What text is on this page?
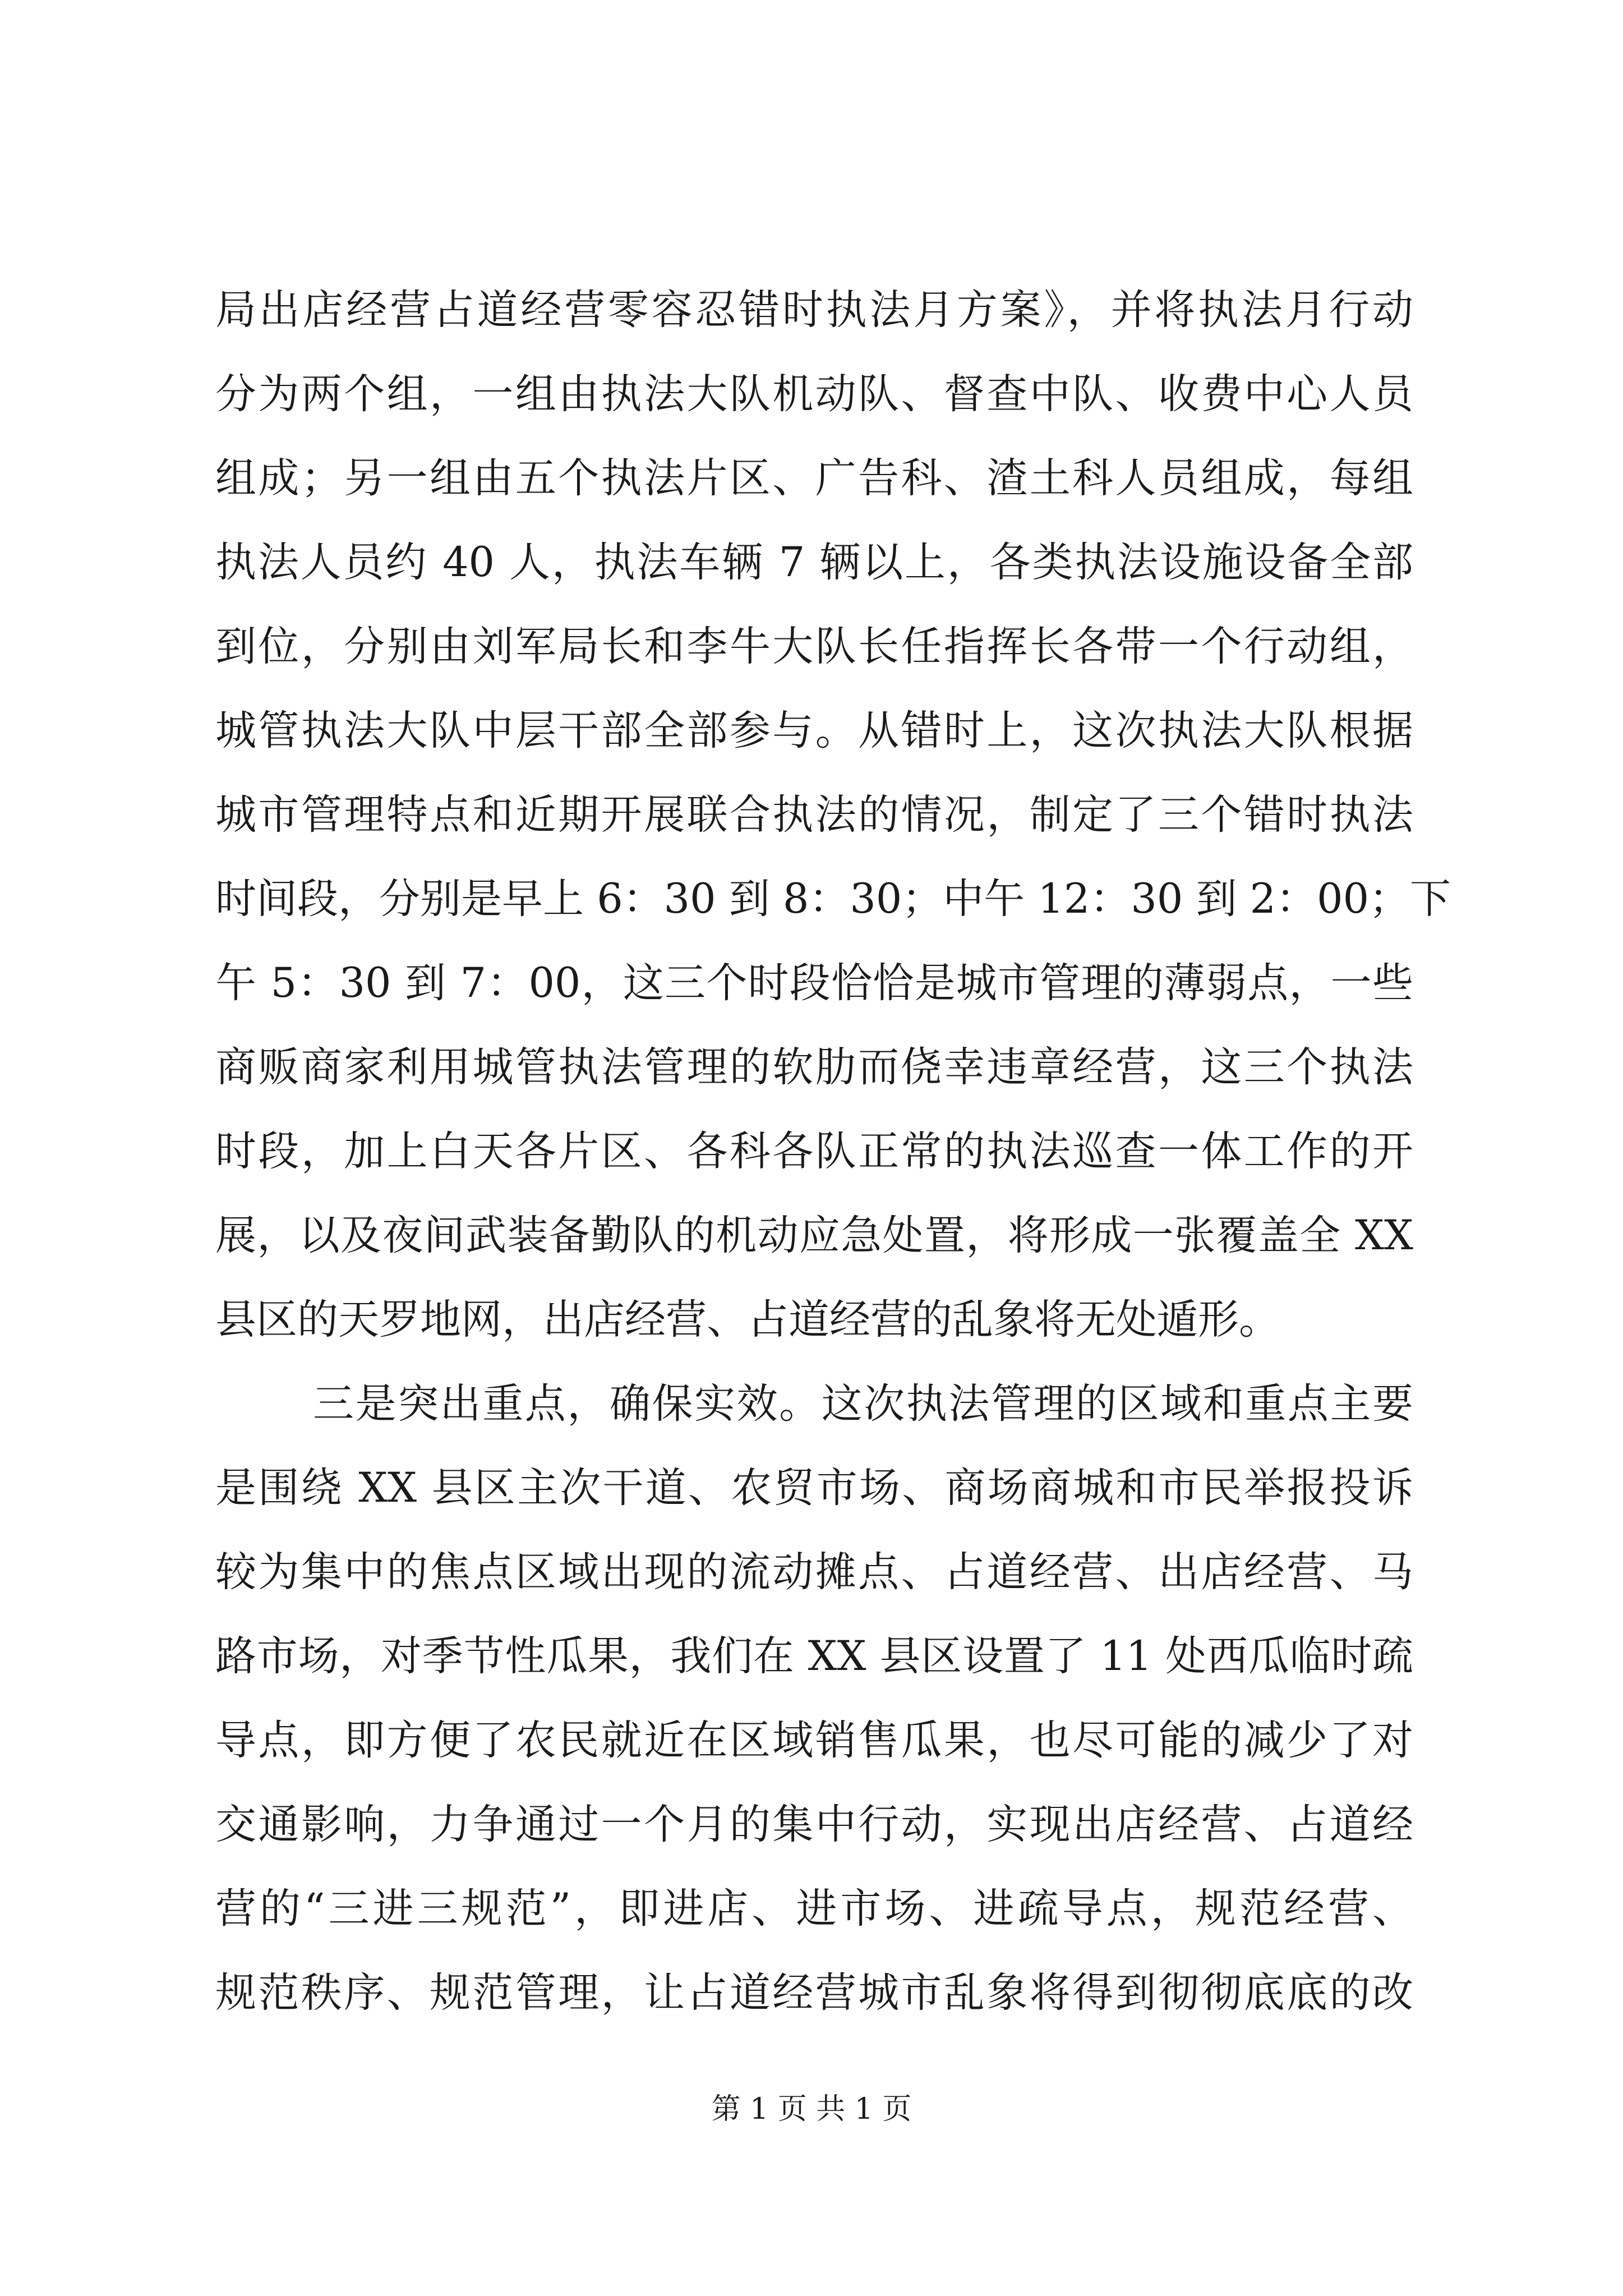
局出店经营占道经营零容忍错时执法月方案》，并将执法月行动
分为两个组，一组由执法大队机动队、督查中队、收费中心人员
组成；另一组由五个执法片区、广告科、渣土科人员组成，每组
执法人员约 40 人，执法车辆 7 辆以上，各类执法设施设备全部
到位，分别由刘军局长和李牛大队长任指挥长各带一个行动组，
城管执法大队中层干部全部参与。从错时上，这次执法大队根据
城市管理特点和近期开展联合执法的情况，制定了三个错时执法
时间段，分别是早上 6：30 到 8：30；中午 12：30 到 2：00；下
午 5：30 到 7：00，这三个时段恰恰是城市管理的薄弱点，一些
商贩商家利用城管执法管理的软肋而侥幸违章经营，这三个执法
时段，加上白天各片区、各科各队正常的执法巡查一体工作的开
展，以及夜间武装备勤队的机动应急处置，将形成一张覆盖全 XX
县区的天罗地网，出店经营、占道经营的乱象将无处遁形。
三是突出重点，确保实效。这次执法管理的区域和重点主要
是围绕 XX 县区主次干道、农贸市场、商场商城和市民举报投诉
较为集中的焦点区域出现的流动摊点、占道经营、出店经营、马
路市场，对季节性瓜果，我们在 XX 县区设置了 11 处西瓜临时疏
导点，即方便了农民就近在区域销售瓜果，也尽可能的减少了对
交通影响，力争通过一个月的集中行动，实现出店经营、占道经
营的“三进三规范”，即进店、进市场、进疏导点，规范经营、
规范秩序、规范管理，让占道经营城市乱象将得到彻彻底底的改
第 1 页 共 1 页
